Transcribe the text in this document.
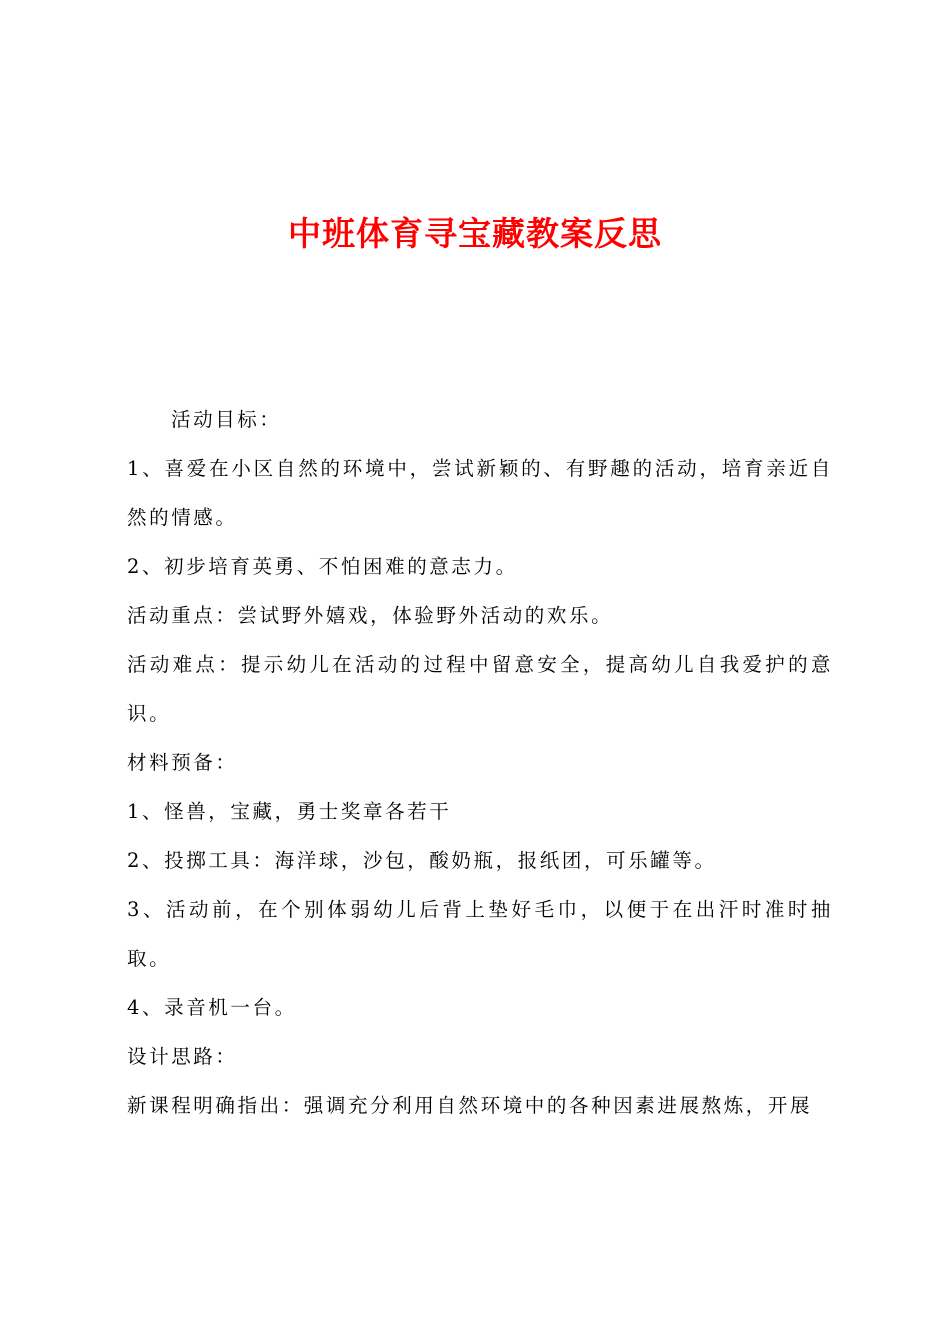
中班体育寻宝藏教案反思

活动目标：

1、喜爱在小区自然的环境中，尝试新颖的、有野趣的活动，培育亲近自然的情感。

2、初步培育英勇、不怕困难的意志力。

活动重点：尝试野外嬉戏，体验野外活动的欢乐。

活动难点：提示幼儿在活动的过程中留意安全，提高幼儿自我爱护的意识。

材料预备：

1、怪兽，宝藏，勇士奖章各若干

2、投掷工具：海洋球，沙包，酸奶瓶，报纸团，可乐罐等。

3、活动前，在个别体弱幼儿后背上垫好毛巾，以便于在出汗时准时抽取。

4、录音机一台。

设计思路：

新课程明确指出：强调充分利用自然环境中的各种因素进展熬炼，开展
